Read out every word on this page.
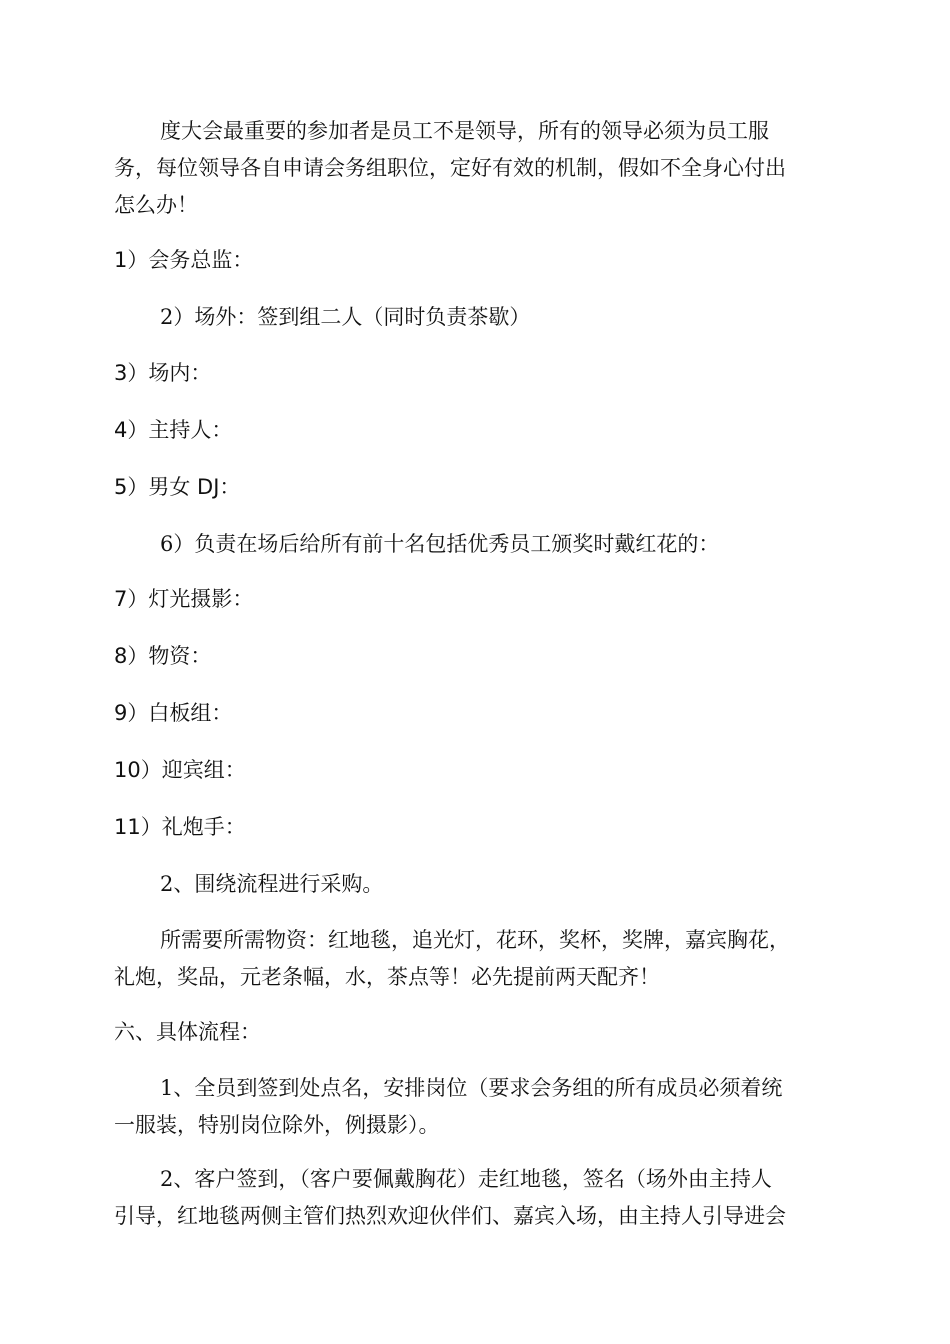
度大会最重要的参加者是员工不是领导，所有的领导必须为员工服
务，每位领导各自申请会务组职位，定好有效的机制，假如不全身心付出
怎么办！
1）会务总监：
2）场外：签到组二人（同时负责茶歇）
3）场内：
4）主持人：
5）男女 DJ：
6）负责在场后给所有前十名包括优秀员工颁奖时戴红花的：
7）灯光摄影：
8）物资：
9）白板组：
10）迎宾组：
11）礼炮手：
2、围绕流程进行采购。
所需要所需物资：红地毯，追光灯，花环，奖杯，奖牌，嘉宾胸花，
礼炮，奖品，元老条幅，水，茶点等！必先提前两天配齐！
六、具体流程：
1、全员到签到处点名，安排岗位（要求会务组的所有成员必须着统
一服装，特别岗位除外，例摄影）。
2、客户签到，（客户要佩戴胸花）走红地毯，签名（场外由主持人
引导，红地毯两侧主管们热烈欢迎伙伴们、嘉宾入场，由主持人引导进会
